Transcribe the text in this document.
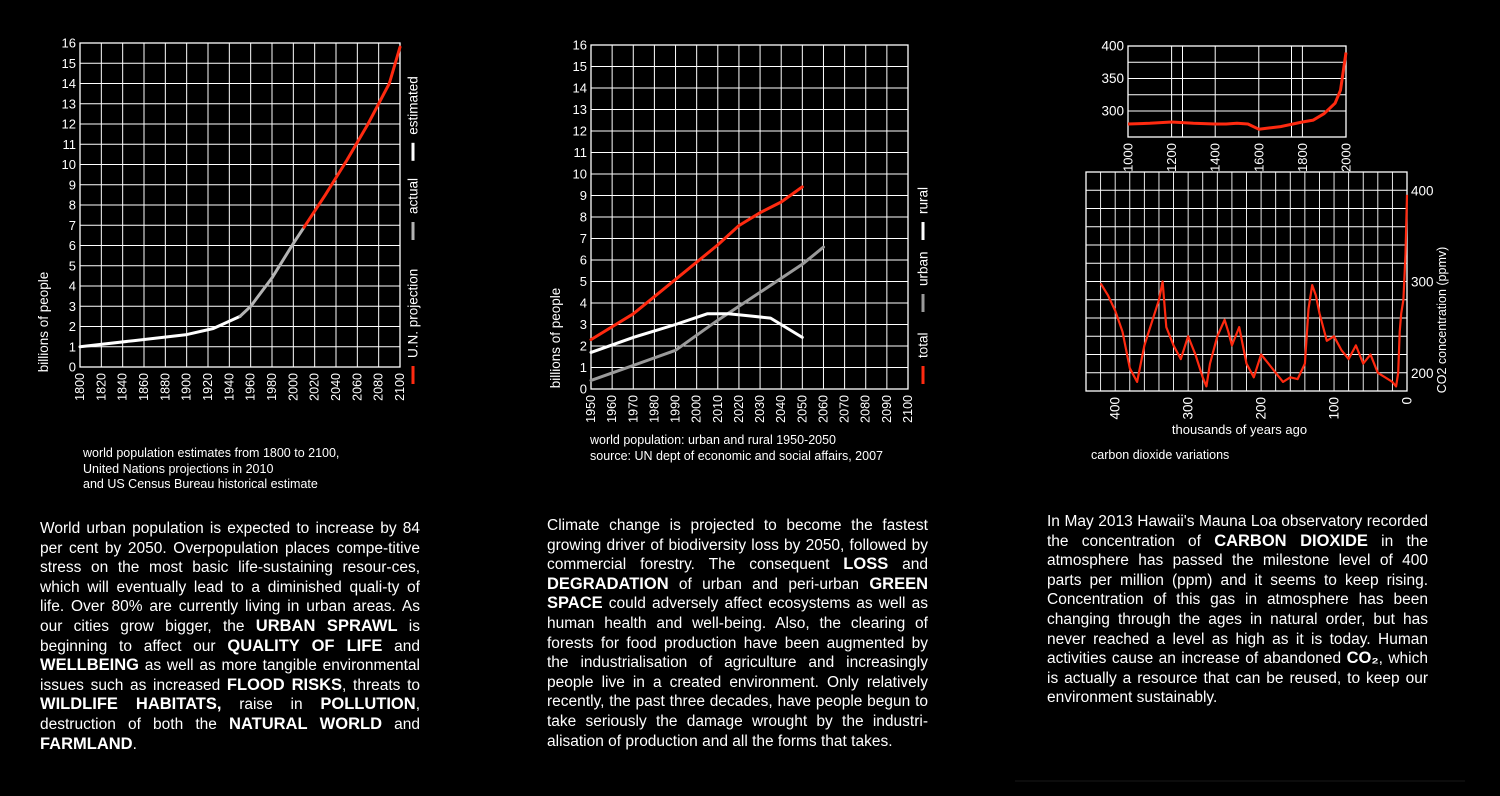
1800 1820 1840 1860 1880 1900 1920 1940 1960 1980 2000 2020 2040 2060 2080 2100
0
1
2
3
4
5
6
7
8
9
10
11
12
13
14
15
16
billions of people	U.N. projection
actual
estimated
world population estimates from 1800 to 2100,
United Nations projections in 2010
and US Census Bureau historical estimate
World urban population is expected to increase by 84 per cent by 2050. Overpopulation places compe-titive stress on the most basic life-sustaining resour-ces, which will eventually lead to a diminished quali-ty of life. Over 80% are currently living in urban areas. As our cities grow bigger, the URBAN SPRAWL is beginning to affect our QUALITY OF LIFE and WELLBEING as well as more tangible environmental issues such as increased FLOOD RISKS, threats to WILDLIFE HABITATS, raise in POLLUTION, destruction of both the NATURAL WORLD and FARMLAND.
1950 1960 1970 1980 1990 2000 2010 2020 2030 2040 2050 2060 2070 2080 2090 2100
0
1
2
3
4
5
6
7
8
9
10
11
12
13
14
15
16
billions of people	total
urban
rural
world population: urban and rural 1950-2050
source: UN dept of economic and social affairs, 2007
Climate change is projected to become the fastest growing driver of biodiversity loss by 2050, followed by commercial forestry. The consequent LOSS and DEGRADATION of urban and peri-urban GREEN SPACE could adversely affect ecosystems as well as human health and well-being. Also, the clearing of forests for food production have been augmented by the industrialisation of agriculture and increasingly people live in a created environment. Only relatively recently, the past three decades, have people begun to take seriously the damage wrought by the industri-alisation of production and all the forms that takes.
1000 1200 1400 1600 1800 2000
300
350
400
400	300	200	100	0
200
300
400
thousands of years ago
CO2 concentration (ppmv)
carbon dioxide variations
In May 2013 Hawaii's Mauna Loa observatory recorded the concentration of CARBON DIOXIDE in the atmosphere has passed the milestone level of 400 parts per million (ppm) and it seems to keep rising. Concentration of this gas in atmosphere has been changing through the ages in natural order, but has never reached a level as high as it is today. Human activities cause an increase of abandoned CO₂, which is actually a resource that can be reused, to keep our environment sustainably.
